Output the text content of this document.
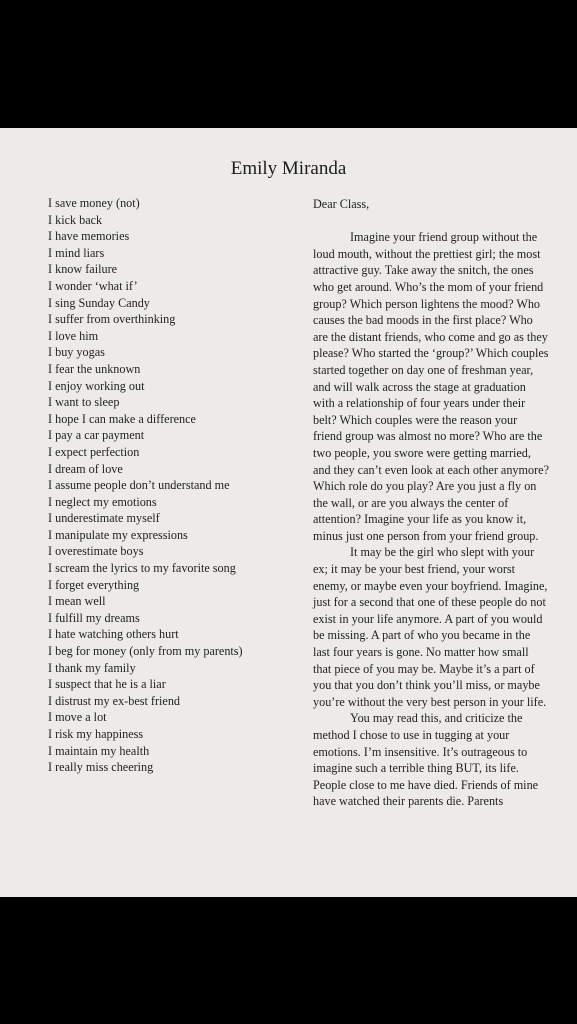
Emily Miranda
I save money (not)
I kick back
I have memories
I mind liars
I know failure
I wonder ‘what if’
I sing Sunday Candy
I suffer from overthinking
I love him
I buy yogas
I fear the unknown
I enjoy working out
I want to sleep
I hope I can make a difference
I pay a car payment
I expect perfection
I dream of love
I assume people don’t understand me
I neglect my emotions
I underestimate myself
I manipulate my expressions
I overestimate boys
I scream the lyrics to my favorite song
I forget everything
I mean well
I fulfill my dreams
I hate watching others hurt
I beg for money (only from my parents)
I thank my family
I suspect that he is a liar
I distrust my ex-best friend
I move a lot
I risk my happiness
I maintain my health
I really miss cheering

Dear Class,

Imagine your friend group without the loud mouth, without the prettiest girl; the most attractive guy. Take away the snitch, the ones who get around. Who’s the mom of your friend group? Which person lightens the mood? Who causes the bad moods in the first place? Who are the distant friends, who come and go as they please? Who started the ‘group?’ Which couples started together on day one of freshman year, and will walk across the stage at graduation with a relationship of four years under their belt? Which couples were the reason your friend group was almost no more? Who are the two people, you swore were getting married, and they can’t even look at each other anymore? Which role do you play? Are you just a fly on the wall, or are you always the center of attention? Imagine your life as you know it, minus just one person from your friend group.

It may be the girl who slept with your ex; it may be your best friend, your worst enemy, or maybe even your boyfriend. Imagine, just for a second that one of these people do not exist in your life anymore. A part of you would be missing. A part of who you became in the last four years is gone. No matter how small that piece of you may be. Maybe it’s a part of you that you don’t think you’ll miss, or maybe you’re without the very best person in your life.

You may read this, and criticize the method I chose to use in tugging at your emotions. I’m insensitive. It’s outrageous to imagine such a terrible thing BUT, its life. People close to me have died. Friends of mine have watched their parents die. Parents
